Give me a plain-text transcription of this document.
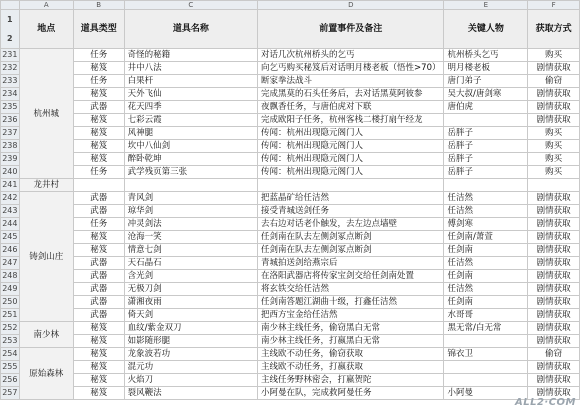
	A	B	C	D	E	F
1
2	地点	道具类型	道具名称	前置事件及备注	关键人物	获取方式
231	杭州城	任务	奇怪的秘籍	对话几次杭州桥头的乞丐	杭州桥头乞丐	购买
232		秘笈	井中八法	向乞丐购买秘笈后对话明月楼老板（悟性>70）	明月楼老板	剧情获取
233		任务	白果杆	断家拳法战斗	唐门弟子	偷窃
234		秘笈	天外飞仙	完成黑莫的石头任务后，去对话黑莫阿彼参	吴大叔/唐剑寒	剧情获取
235		武器	花天四季	夜飘香任务，与唐伯虎对下联	唐伯虎	剧情获取
236		秘笈	七彩云霞	完成欧阳子任务，杭州客栈二楼打扇午经龙		剧情获取
237		秘笈	风神腿	传闻：杭州出现隐元阁门人	岳胖子	购买
238		秘笈	坎中八仙剑	传闻：杭州出现隐元阁门人	岳胖子	购买
239		秘笈	醉卧乾坤	传闻：杭州出现隐元阁门人	岳胖子	购买
240		任务	武学残页第三张	传闻：杭州出现隐元阁门人	岳胖子	购买
241	龙井村					
242	铸剑山庄	武器	青风剑	把蓝晶矿给任洁然	任洁然	剧情获取
243		武器	琼华剑	接受青城送剑任务	任洁然	剧情获取
244		任务	冲灵剑法	去右边对话老仆触发，去左边点墙壁	傅剑寒	剧情获取
245		秘笈	沧海一笑	任剑南在队去左侧剑冢点断剑	任剑南/萧萱	剧情获取
246		秘笈	情意七剑	任剑南在队去左侧剑冢点断剑	任剑南	剧情获取
247		武器	天石晶石	青城拍送剑给燕宗后	任洁然	剧情获取
248		武器	含光剑	在洛阳武器店将传家宝剑交给任剑南处置	任剑南	剧情获取
249		武器	无极刀剑	将玄铁交给任洁然	任洁然	剧情获取
250		武器	潇湘夜雨	任剑南答题江湖曲十级，打鑫任洁然	任剑南	剧情获取
251		武器	倚天剑	把西方宝金给任洁然	水哥哥	剧情获取
252	南少林	秘笈	血纹/紫金双刀	南少林主线任务，偷窃黑白无常	黑无常/白无常	剧情获取
253		秘笈	如影随形腿	南少林主线任务，打嬴黑白无常		剧情获取
254	原始森林	秘笈	龙象波若功	主线欧不动任务，偷窃获取	锦衣卫	偷窃
255		秘笈	混元功	主线欧不动任务，打嬴获取		剧情获取
256		秘笈	火焰刀	主线任务野林密会，打嬴贺陀		剧情获取
257		秘笈	裂风鞭法	小阿曼在队，完成救阿曼任务	小阿曼	剧情获取
ALL2·COM
